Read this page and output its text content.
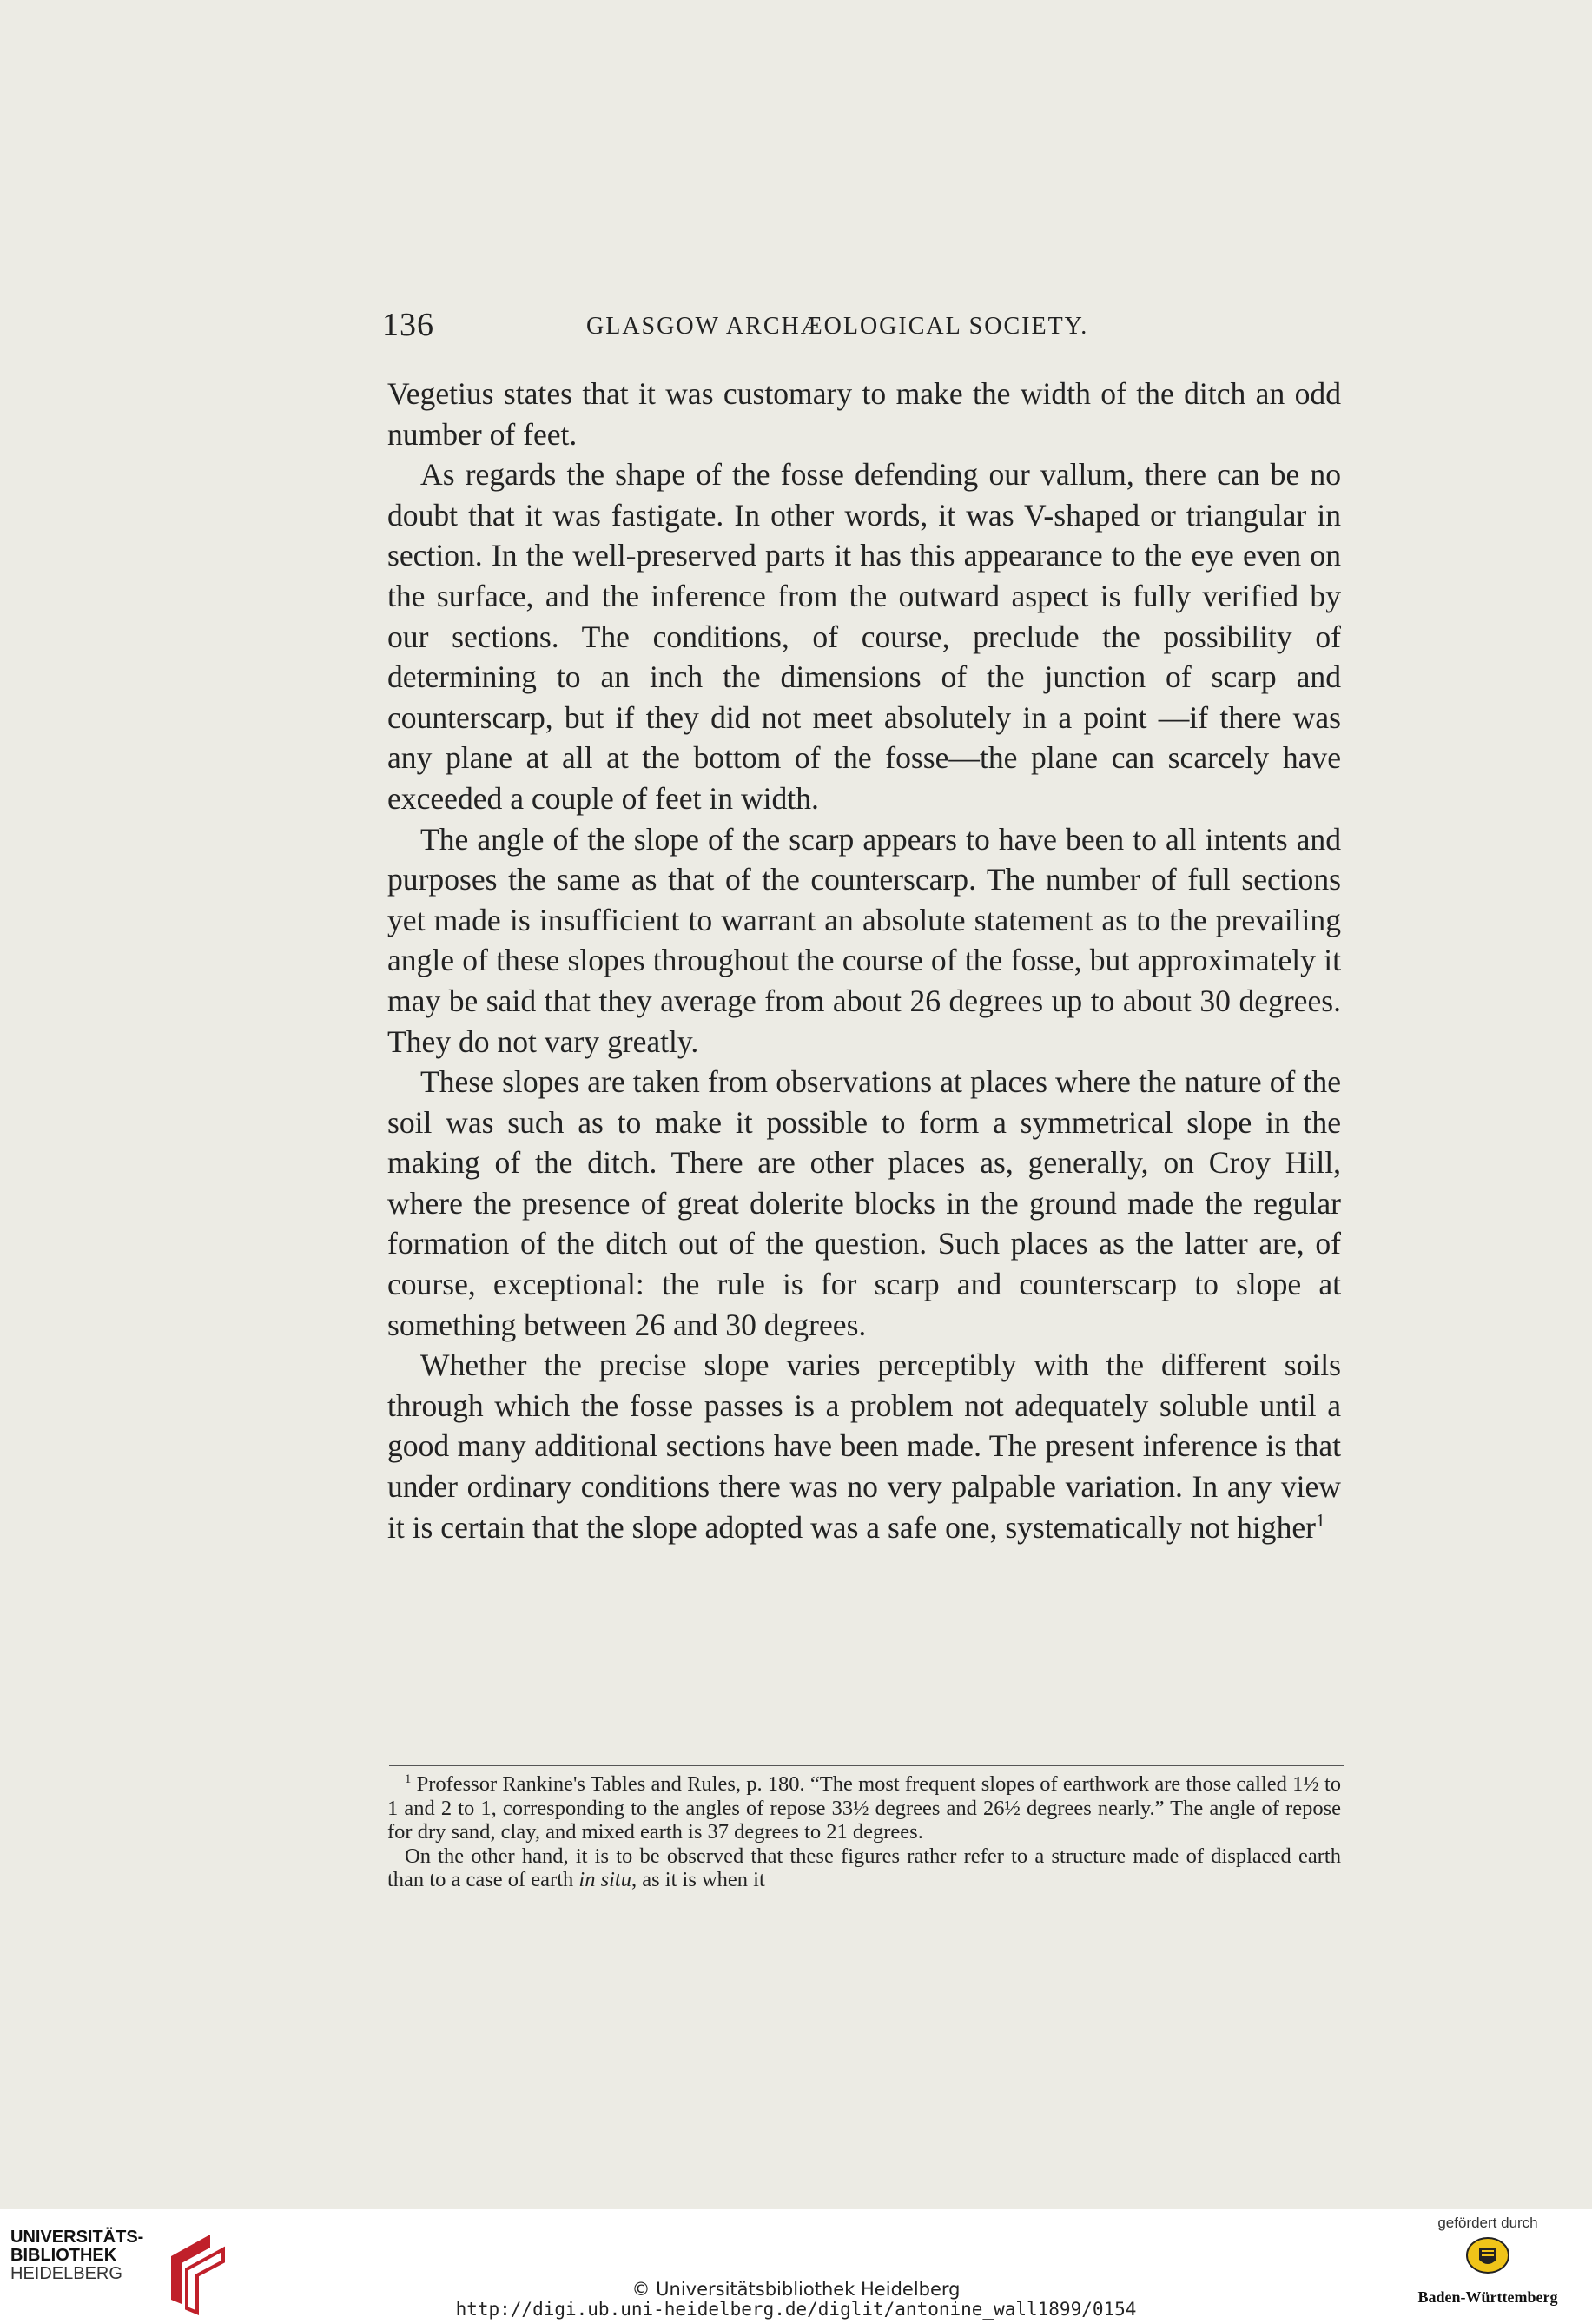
136	GLASGOW ARCHÆOLOGICAL SOCIETY.

Vegetius states that it was customary to make the width of the ditch an odd number of feet.

As regards the shape of the fosse defending our vallum, there can be no doubt that it was fastigate. In other words, it was V-shaped or triangular in section. In the well-preserved parts it has this appearance to the eye even on the surface, and the inference from the outward aspect is fully verified by our sections. The conditions, of course, preclude the possibility of determining to an inch the dimensions of the junction of scarp and counterscarp, but if they did not meet absolutely in a point —if there was any plane at all at the bottom of the fosse—the plane can scarcely have exceeded a couple of feet in width.

The angle of the slope of the scarp appears to have been to all intents and purposes the same as that of the counterscarp. The number of full sections yet made is insufficient to warrant an absolute statement as to the prevailing angle of these slopes throughout the course of the fosse, but approximately it may be said that they average from about 26 degrees up to about 30 degrees. They do not vary greatly.

These slopes are taken from observations at places where the nature of the soil was such as to make it possible to form a symmetrical slope in the making of the ditch. There are other places as, generally, on Croy Hill, where the presence of great dolerite blocks in the ground made the regular formation of the ditch out of the question. Such places as the latter are, of course, exceptional: the rule is for scarp and counterscarp to slope at something between 26 and 30 degrees.

Whether the precise slope varies perceptibly with the different soils through which the fosse passes is a problem not adequately soluble until a good many additional sections have been made. The present inference is that under ordinary conditions there was no very palpable variation. In any view it is certain that the slope adopted was a safe one, systematically not higher$^1$

$^1$ Professor Rankine's Tables and Rules, p. 180. “The most frequent slopes of earthwork are those called 1½ to 1 and 2 to 1, corresponding to the angles of repose 33½ degrees and 26½ degrees nearly.” The angle of repose for dry sand, clay, and mixed earth is 37 degrees to 21 degrees.

On the other hand, it is to be observed that these figures rather refer to a structure made of displaced earth than to a case of earth in situ, as it is when it

UNIVERSITÄTS-
BIBLIOTHEK
HEIDELBERG
© Universitätsbibliothek Heidelberg
http://digi.ub.uni-heidelberg.de/diglit/antonine_wall1899/0154
gefördert durch
Baden-Württemberg
